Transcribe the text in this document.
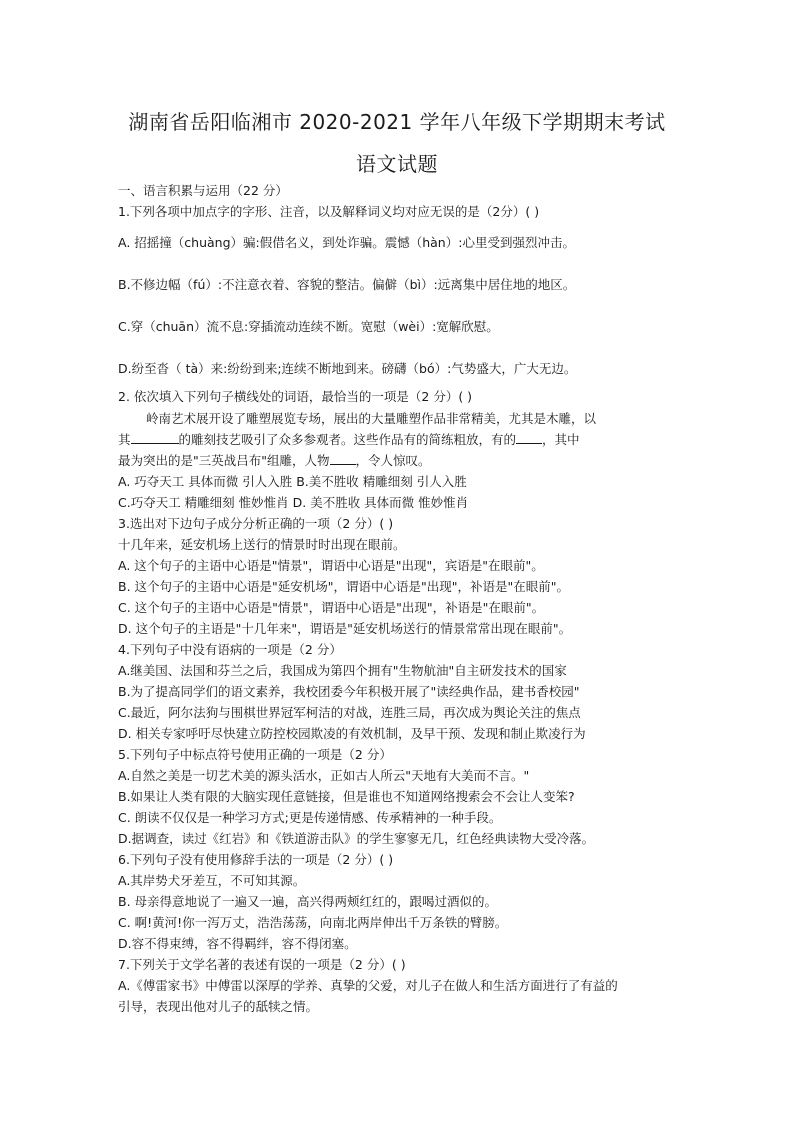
湖南省岳阳临湘市 2020-2021 学年八年级下学期期末考试
语文试题
一、语言积累与运用（22 分）
1.下列各项中加点字的字形、注音，以及解释词义均对应无误的是（2分）( )
A. 招摇撞（chuàng）骗:假借名义，到处诈骗。震憾（hàn）:心里受到强烈冲击。
B.不修边幅（fú）:不注意衣着、容貌的整洁。偏僻（bì）:远离集中居住地的地区。
C.穿（chuān）流不息:穿插流动连续不断。宽慰（wèi）:宽解欣慰。
D.纷至沓（ tà）来:纷纷到来;连续不断地到来。磅礴（bó）:气势盛大，广大无边。
2. 依次填入下列句子横线处的词语，最恰当的一项是（2 分）( )
岭南艺术展开设了雕塑展览专场，展出的大量雕塑作品非常精美，尤其是木雕，以
其	的雕刻技艺吸引了众多参观者。这些作品有的简练粗放，有的 ，其中
最为突出的是"三英战吕布"组雕，人物 ，令人惊叹。
A. 巧夺天工 具体而微 引人入胜 B.美不胜收 精雕细刻 引人入胜
C.巧夺天工 精雕细刻 惟妙惟肖 D. 美不胜收 具体而微 惟妙惟肖
3.选出对下边句子成分分析正确的一项（2 分）( )
十几年来，延安机场上送行的情景时时出现在眼前。
A. 这个句子的主语中心语是"情景"，谓语中心语是"出现"，宾语是"在眼前"。
B. 这个句子的主语中心语是"延安机场"，谓语中心语是"出现"，补语是"在眼前"。
C. 这个句子的主语中心语是"情景"，谓语中心语是"出现"，补语是"在眼前"。
D. 这个句子的主语是"十几年来"，谓语是"延安机场送行的情景常常出现在眼前"。
4.下列句子中没有语病的一项是（2 分）
A.继美国、法国和芬兰之后，我国成为第四个拥有"生物航油"自主研发技术的国家
B.为了提高同学们的语文素养，我校团委今年积极开展了"读经典作品，建书香校园"
C.最近，阿尔法狗与围棋世界冠军柯洁的对战，连胜三局，再次成为舆论关注的焦点
D. 相关专家呼吁尽快建立防控校园欺凌的有效机制，及早干预、发现和制止欺凌行为
5.下列句子中标点符号使用正确的一项是（2 分）
A.自然之美是一切艺术美的源头活水，正如古人所云"天地有大美而不言。"
B.如果让人类有限的大脑实现任意链接，但是谁也不知道网络搜索会不会让人变笨?
C. 朗读不仅仅是一种学习方式;更是传递情感、传承精神的一种手段。
D.据调查，读过《红岩》和《铁道游击队》的学生寥寥无几，红色经典读物大受冷落。
6.下列句子没有使用修辞手法的一项是（2 分）( )
A.其岸势犬牙差互，不可知其源。
B. 母亲得意地说了一遍又一遍，高兴得两颊红红的，跟喝过酒似的。
C. 啊!黄河!你一泻万丈，浩浩荡荡，向南北两岸伸出千万条铁的臂膀。
D.容不得束缚，容不得羁绊，容不得闭塞。
7.下列关于文学名著的表述有误的一项是（2 分）( )
A.《傅雷家书》中傅雷以深厚的学养、真挚的父爱，对儿子在做人和生活方面进行了有益的
引导，表现出他对儿子的舐犊之情。
